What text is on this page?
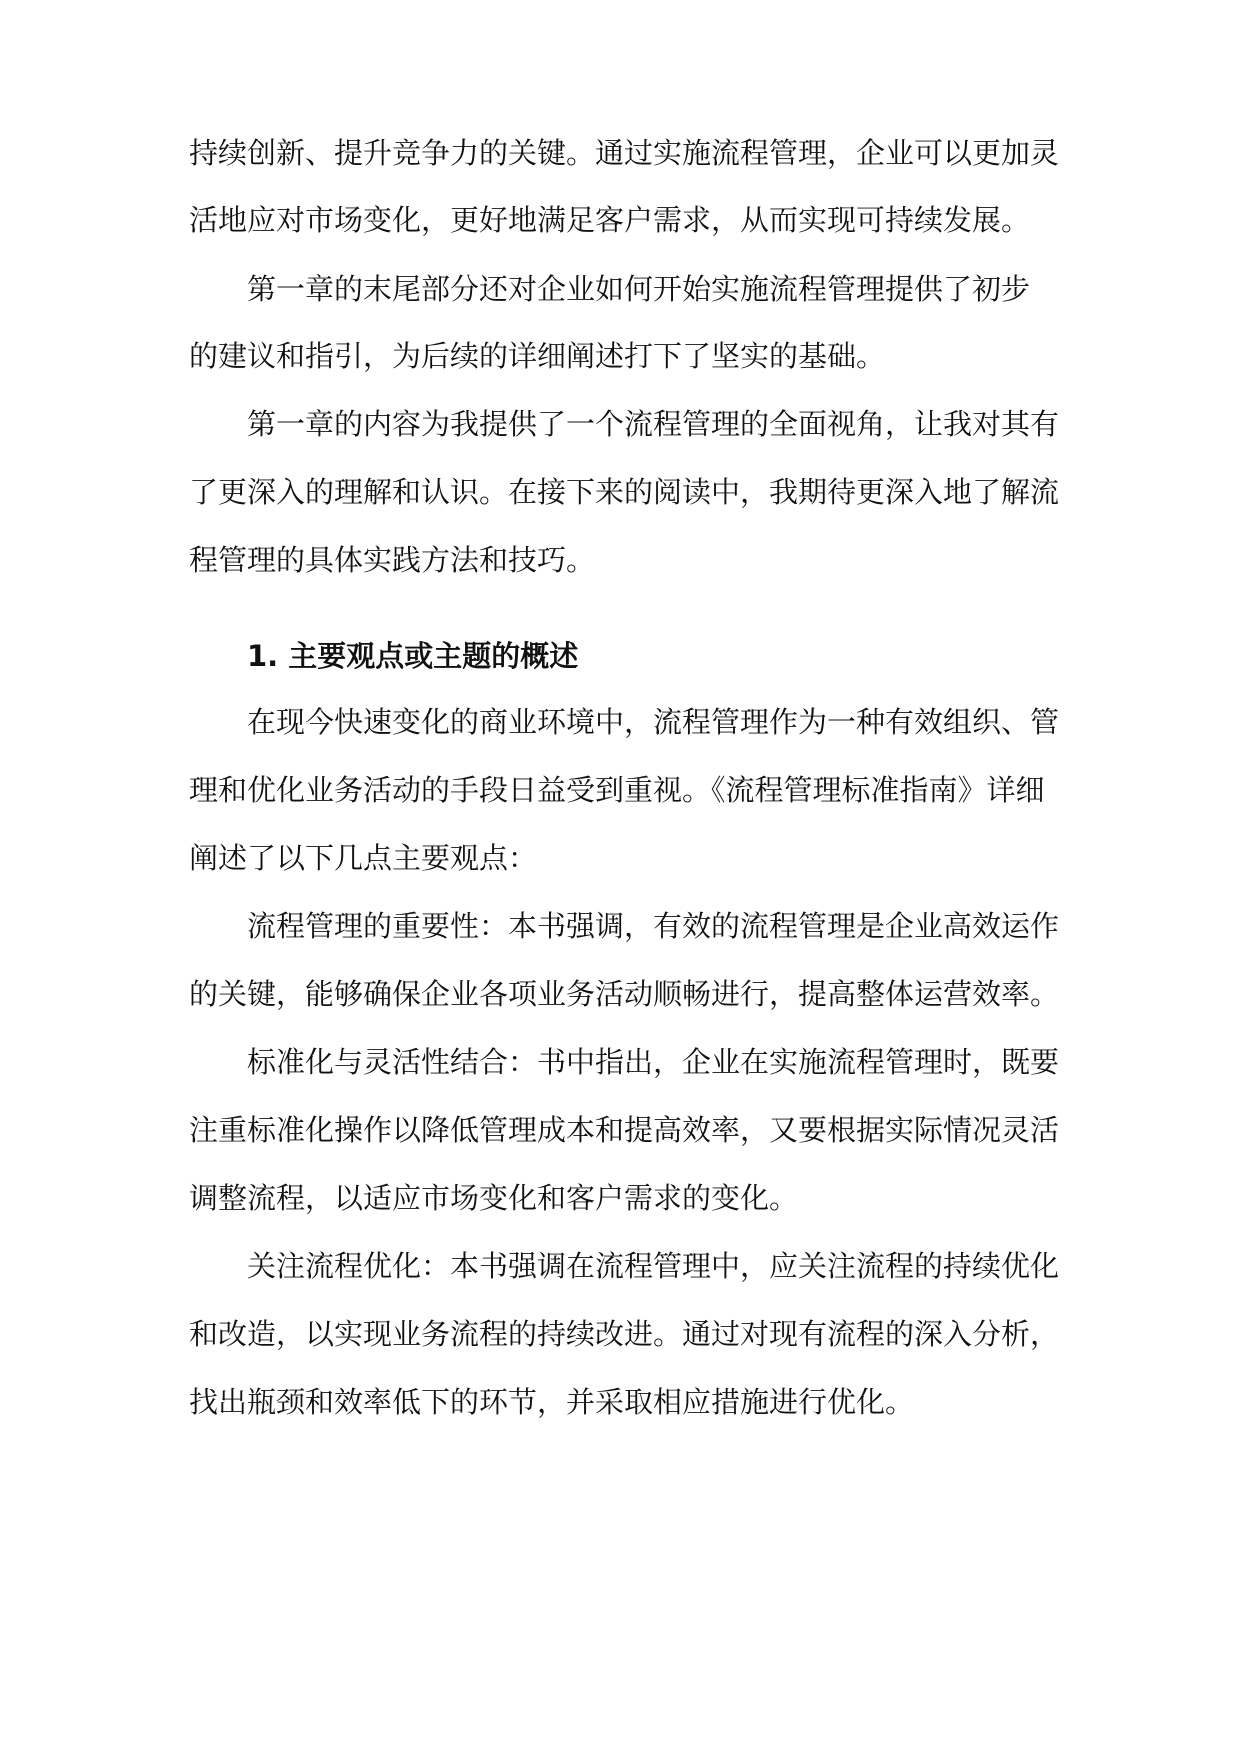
持续创新、提升竞争力的关键。通过实施流程管理，企业可以更加灵
活地应对市场变化，更好地满足客户需求，从而实现可持续发展。
第一章的末尾部分还对企业如何开始实施流程管理提供了初步
的建议和指引，为后续的详细阐述打下了坚实的基础。
第一章的内容为我提供了一个流程管理的全面视角，让我对其有
了更深入的理解和认识。在接下来的阅读中，我期待更深入地了解流
程管理的具体实践方法和技巧。
1. 主要观点或主题的概述
在现今快速变化的商业环境中，流程管理作为一种有效组织、管
理和优化业务活动的手段日益受到重视。《流程管理标准指南》详细
阐述了以下几点主要观点：
流程管理的重要性：本书强调，有效的流程管理是企业高效运作
的关键，能够确保企业各项业务活动顺畅进行，提高整体运营效率。
标准化与灵活性结合：书中指出，企业在实施流程管理时，既要
注重标准化操作以降低管理成本和提高效率，又要根据实际情况灵活
调整流程，以适应市场变化和客户需求的变化。
关注流程优化：本书强调在流程管理中，应关注流程的持续优化
和改造，以实现业务流程的持续改进。通过对现有流程的深入分析，
找出瓶颈和效率低下的环节，并采取相应措施进行优化。
